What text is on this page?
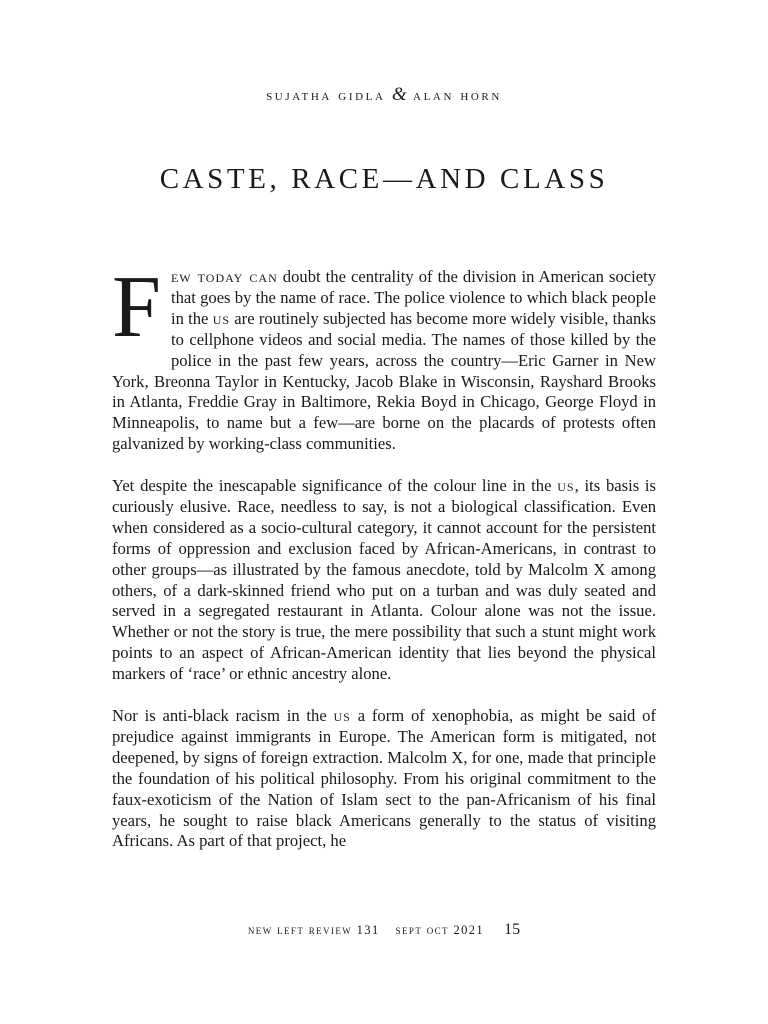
sujatha gidla & alan horn
CASTE, RACE—AND CLASS

Few today can doubt the centrality of the division in American society that goes by the name of race. The police violence to which black people in the us are routinely subjected has become more widely visible, thanks to cellphone videos and social media. The names of those killed by the police in the past few years, across the country—Eric Garner in New York, Breonna Taylor in Kentucky, Jacob Blake in Wisconsin, Rayshard Brooks in Atlanta, Freddie Gray in Baltimore, Rekia Boyd in Chicago, George Floyd in Minneapolis, to name but a few—are borne on the placards of protests often galvanized by working-class communities.

Yet despite the inescapable significance of the colour line in the us, its basis is curiously elusive. Race, needless to say, is not a biological classification. Even when considered as a socio-cultural category, it cannot account for the persistent forms of oppression and exclusion faced by African-Americans, in contrast to other groups—as illustrated by the famous anecdote, told by Malcolm X among others, of a dark-skinned friend who put on a turban and was duly seated and served in a segregated restaurant in Atlanta. Colour alone was not the issue. Whether or not the story is true, the mere possibility that such a stunt might work points to an aspect of African-American identity that lies beyond the physical markers of ‘race’ or ethnic ancestry alone.

Nor is anti-black racism in the us a form of xenophobia, as might be said of prejudice against immigrants in Europe. The American form is mitigated, not deepened, by signs of foreign extraction. Malcolm X, for one, made that principle the foundation of his political philosophy. From his original commitment to the faux-exoticism of the Nation of Islam sect to the pan-Africanism of his final years, he sought to raise black Americans generally to the status of visiting Africans. As part of that project, he

new left review 131 sept oct 2021 15
